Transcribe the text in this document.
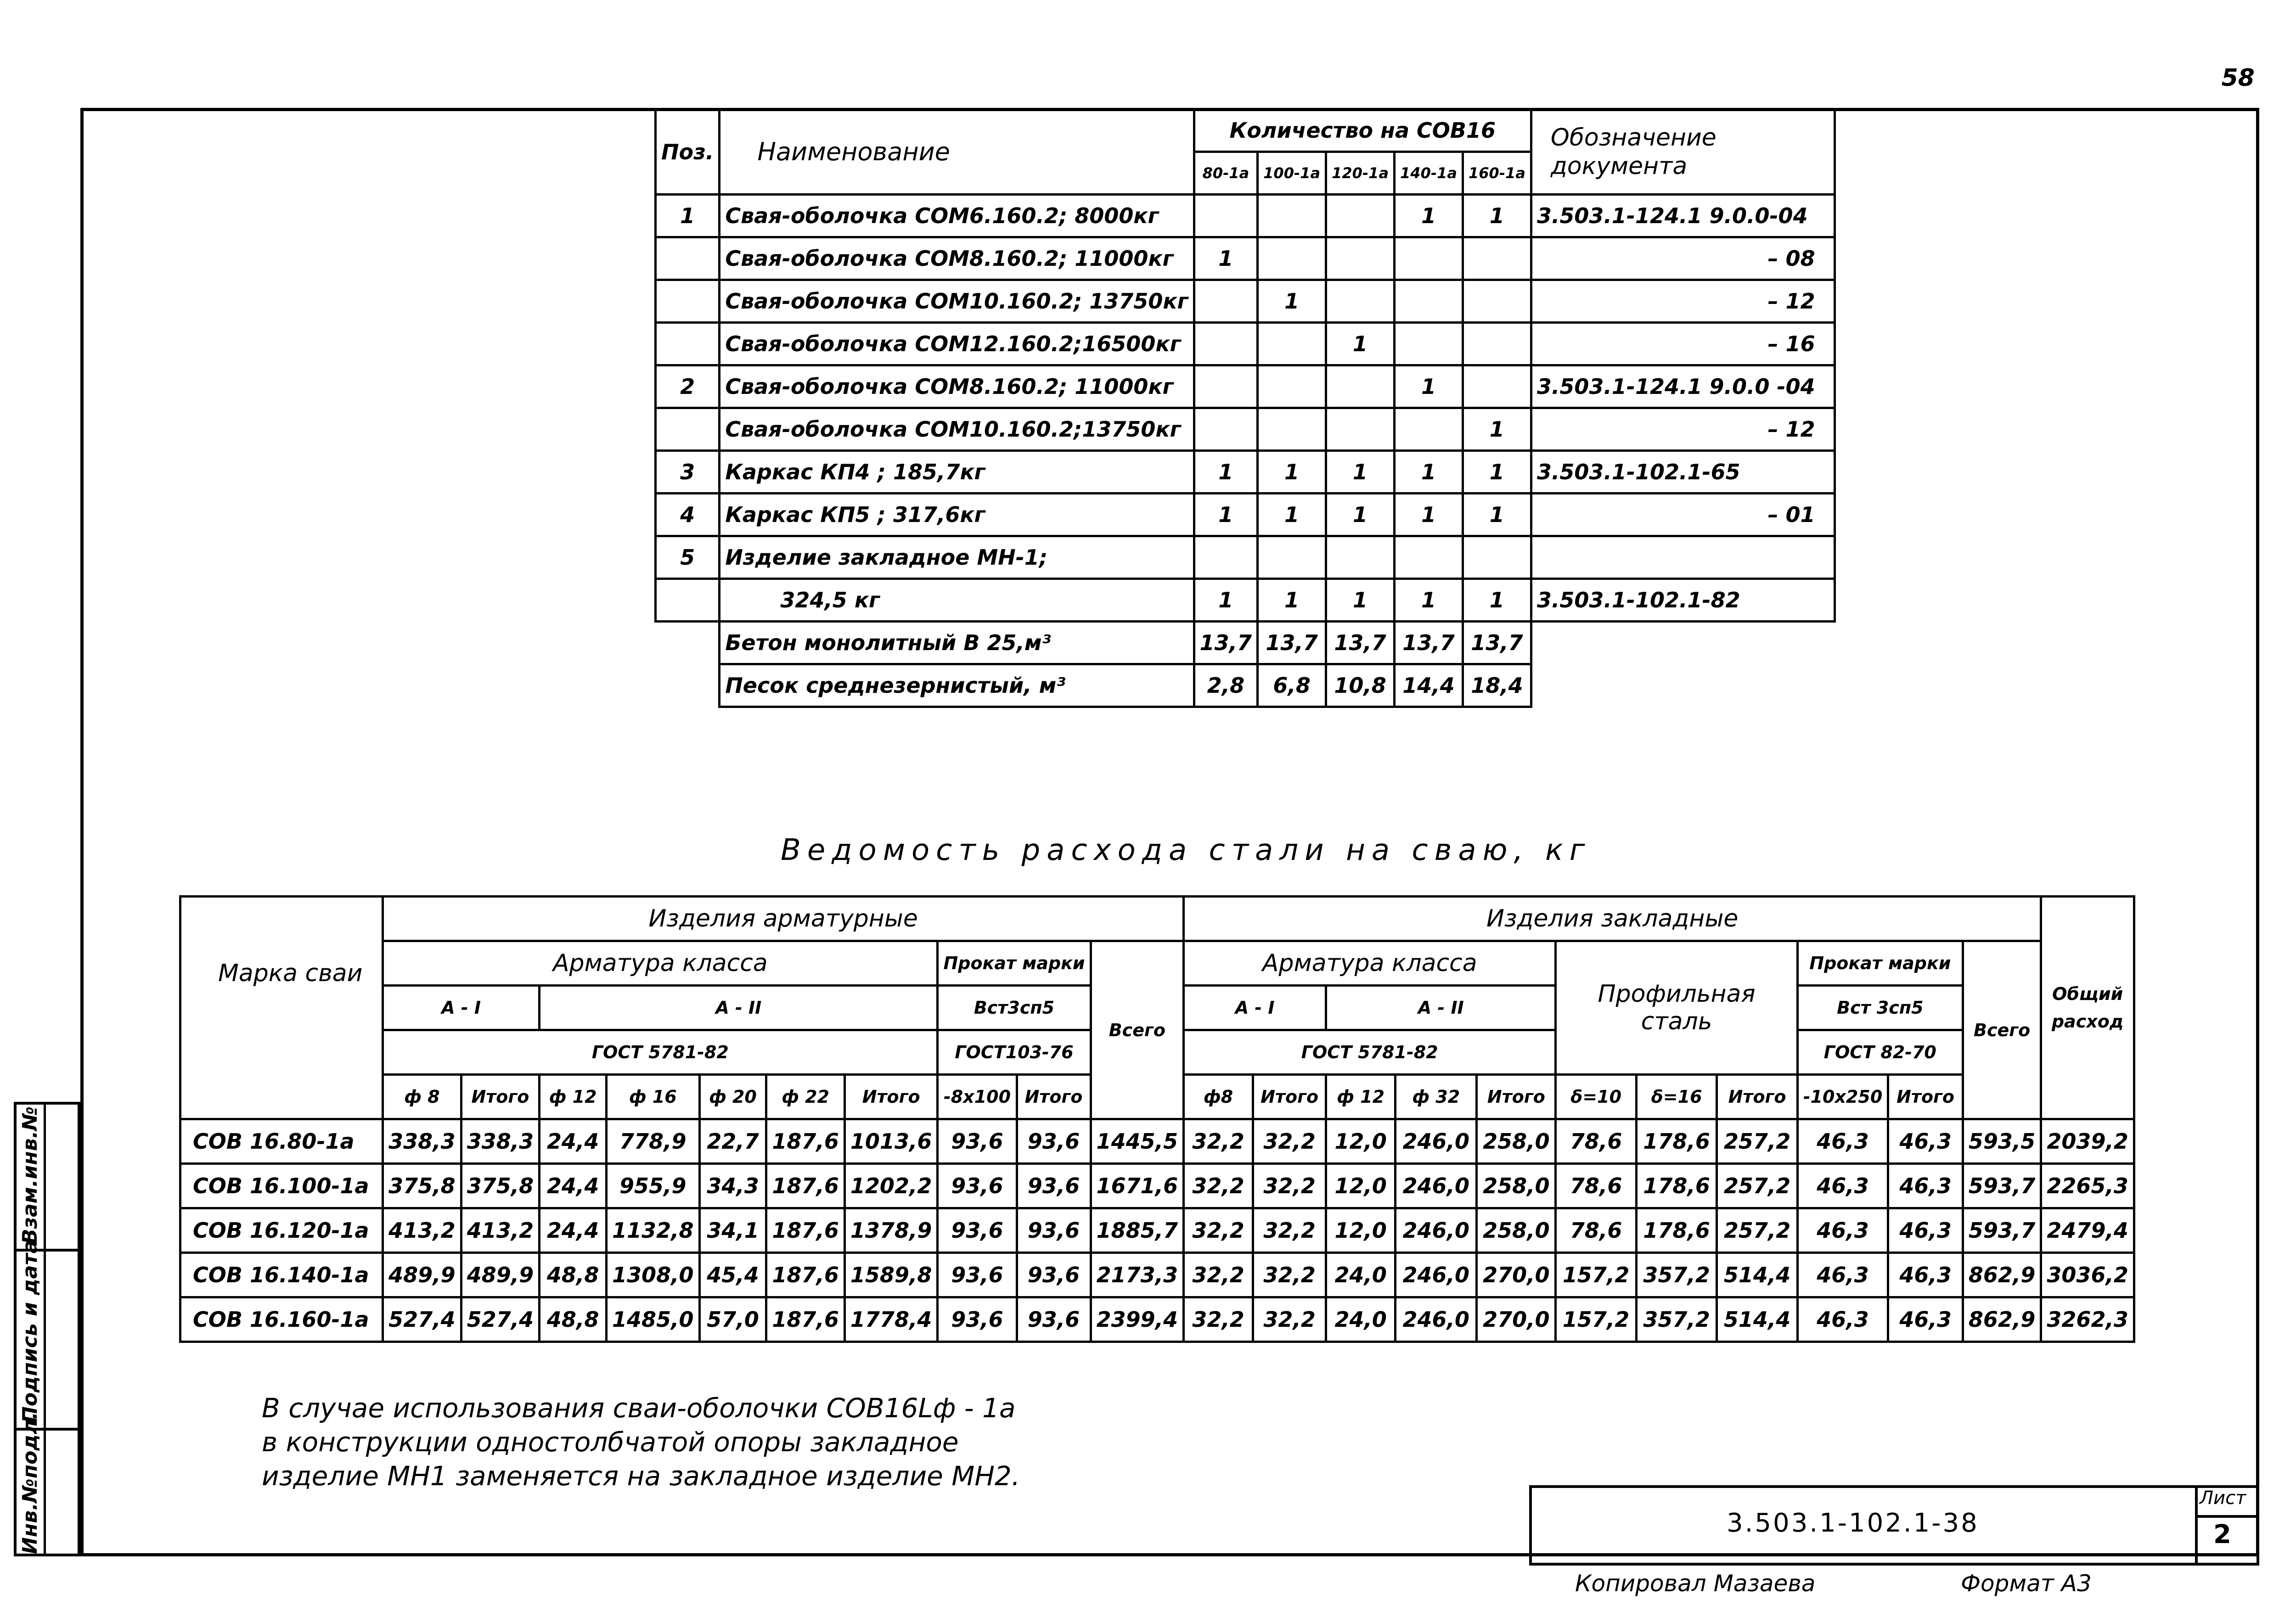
58
Поз.	Наименование	Количество на СОВ16					Обозначение документа
		80-1а	100-1а	120-1а	140-1а	160-1а	
1	Свая-оболочка СОМ6.160.2; 8000кг				1	1	3.503.1-124.1 9.0.0-04
	Свая-оболочка СОМ8.160.2; 11000кг	1					– 08
	Свая-оболочка СОМ10.160.2; 13750кг		1				– 12
	Свая-оболочка СОМ12.160.2;16500кг			1			– 16
2	Свая-оболочка СОМ8.160.2; 11000кг				1		3.503.1-124.1 9.0.0 -04
	Свая-оболочка СОМ10.160.2;13750кг					1	– 12
3	Каркас КП4 ; 185,7кг	1	1	1	1	1	3.503.1-102.1-65
4	Каркас КП5 ; 317,6кг	1	1	1	1	1	– 01
5	Изделие закладное МН-1;						
	324,5 кг	1	1	1	1	1	3.503.1-102.1-82
	Бетон монолитный В 25,м³	13,7	13,7	13,7	13,7	13,7	
	Песок среднезернистый, м³	2,8	6,8	10,8	14,4	18,4	
Ведомость расхода стали на сваю, кг
Марка сваи	Изделия арматурные										Изделия закладные											Общий расход
	Арматура класса							Прокат марки		Всего	Арматура класса					Профильная сталь			Прокат марки		Всего	
	А - I		А - II					Вст3сп5			А - I		А - II						Вст 3сп5			
	ГОСТ 5781-82							ГОСТ103-76			ГОСТ 5781-82								ГОСТ 82-70			
	ф 8	Итого	ф 12	ф 16	ф 20	ф 22	Итого	-8х100	Итого		ф8	Итого	ф 12	ф 32	Итого	δ=10	δ=16	Итого	-10х250	Итого		
СОВ 16.80-1а	338,3	338,3	24,4	778,9	22,7	187,6	1013,6	93,6	93,6	1445,5	32,2	32,2	12,0	246,0	258,0	78,6	178,6	257,2	46,3	46,3	593,5	2039,2
СОВ 16.100-1а	375,8	375,8	24,4	955,9	34,3	187,6	1202,2	93,6	93,6	1671,6	32,2	32,2	12,0	246,0	258,0	78,6	178,6	257,2	46,3	46,3	593,7	2265,3
СОВ 16.120-1а	413,2	413,2	24,4	1132,8	34,1	187,6	1378,9	93,6	93,6	1885,7	32,2	32,2	12,0	246,0	258,0	78,6	178,6	257,2	46,3	46,3	593,7	2479,4
СОВ 16.140-1а	489,9	489,9	48,8	1308,0	45,4	187,6	1589,8	93,6	93,6	2173,3	32,2	32,2	24,0	246,0	270,0	157,2	357,2	514,4	46,3	46,3	862,9	3036,2
СОВ 16.160-1а	527,4	527,4	48,8	1485,0	57,0	187,6	1778,4	93,6	93,6	2399,4	32,2	32,2	24,0	246,0	270,0	157,2	357,2	514,4	46,3	46,3	862,9	3262,3
В случае использования сваи-оболочки СОВ16Lф - 1а
в конструкции одностолбчатой опоры закладное
изделие МН1 заменяется на закладное изделие МН2.
3.503.1-102.1-38
Лист
2
Копировал Мазаева	Формат А3
Инв.№подл.
Подпись и дата
Взам.инв.№
